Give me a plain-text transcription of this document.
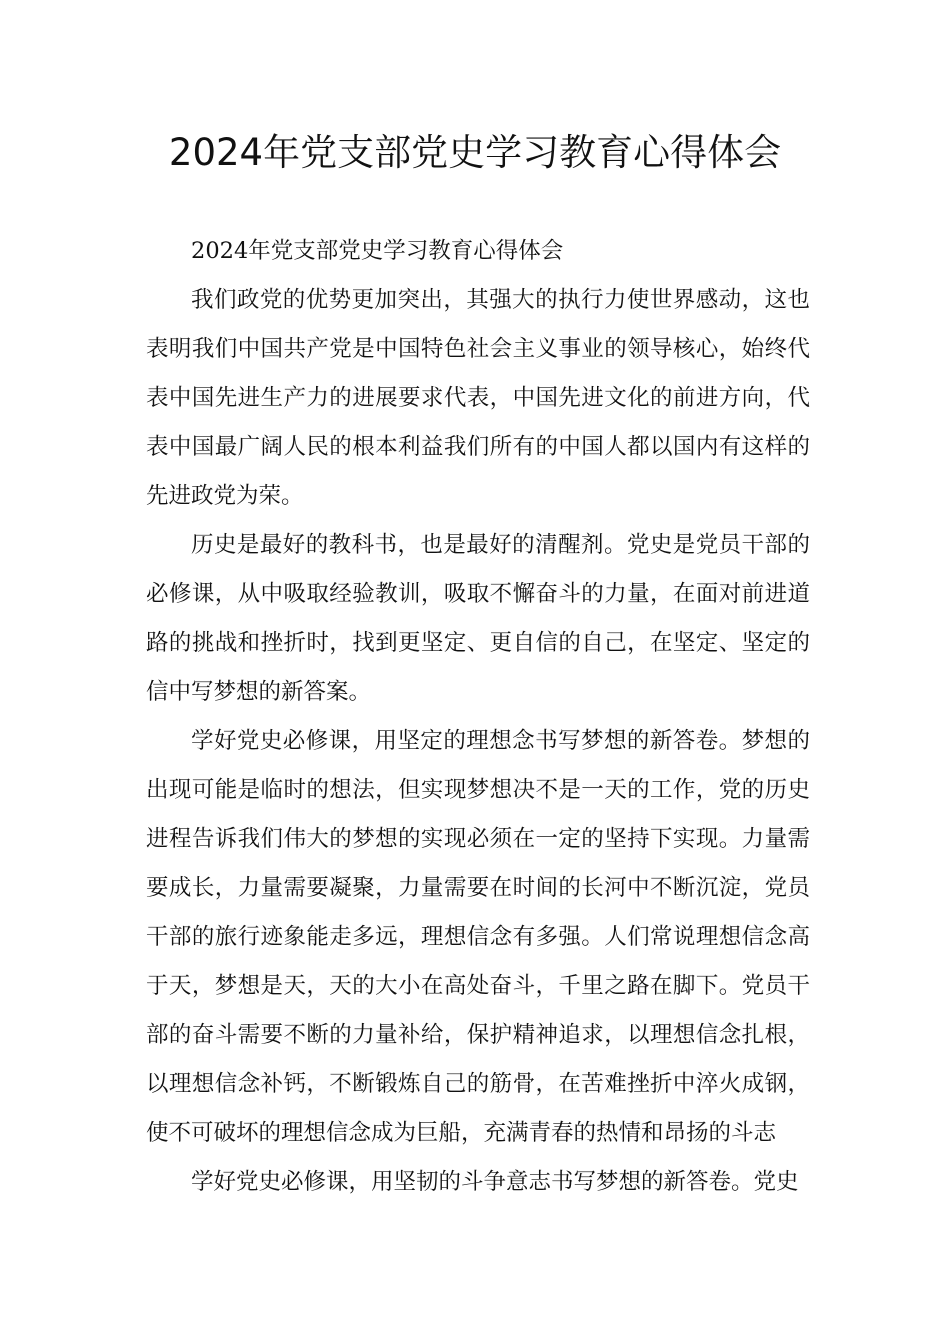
2024年党支部党史学习教育心得体会

2024年党支部党史学习教育心得体会

我们政党的优势更加突出，其强大的执行力使世界感动，这也表明我们中国共产党是中国特色社会主义事业的领导核心，始终代表中国先进生产力的进展要求代表，中国先进文化的前进方向，代表中国最广阔人民的根本利益我们所有的中国人都以国内有这样的先进政党为荣。

历史是最好的教科书，也是最好的清醒剂。党史是党员干部的必修课，从中吸取经验教训，吸取不懈奋斗的力量，在面对前进道路的挑战和挫折时，找到更坚定、更自信的自己，在坚定、坚定的信中写梦想的新答案。

学好党史必修课，用坚定的理想念书写梦想的新答卷。梦想的出现可能是临时的想法，但实现梦想决不是一天的工作，党的历史进程告诉我们伟大的梦想的实现必须在一定的坚持下实现。力量需要成长，力量需要凝聚，力量需要在时间的长河中不断沉淀，党员干部的旅行迹象能走多远，理想信念有多强。人们常说理想信念高于天，梦想是天，天的大小在高处奋斗，千里之路在脚下。党员干部的奋斗需要不断的力量补给，保护精神追求，以理想信念扎根，以理想信念补钙，不断锻炼自己的筋骨，在苦难挫折中淬火成钢，使不可破坏的理想信念成为巨船，充满青春的热情和昂扬的斗志

学好党史必修课，用坚韧的斗争意志书写梦想的新答卷。党史
